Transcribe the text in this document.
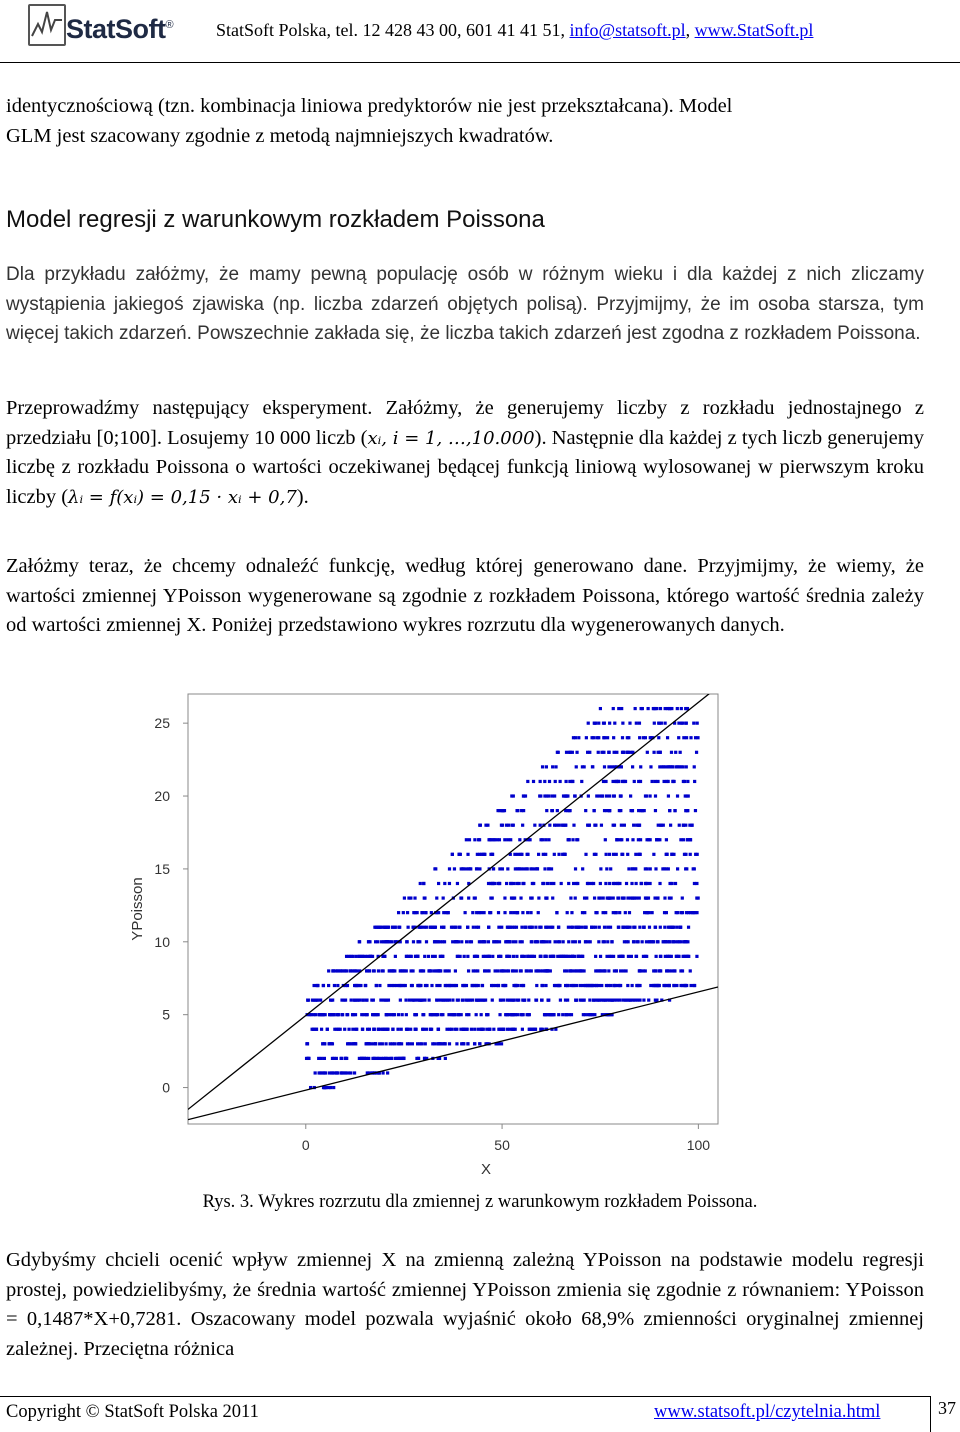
StatSoft® StatSoft Polska, tel. 12 428 43 00, 601 41 41 51, info@statsoft.pl, www.StatSoft.pl
identycznościową (tzn. kombinacja liniowa predyktorów nie jest przekształcana). Model
GLM jest szacowany zgodnie z metodą najmniejszych kwadratów.
Model regresji z warunkowym rozkładem Poissona
Dla przykładu załóżmy, że mamy pewną populację osób w różnym wieku i dla każdej z nich zliczamy wystąpienia jakiegoś zjawiska (np. liczba zdarzeń objętych polisą). Przyjmijmy, że im osoba starsza, tym więcej takich zdarzeń. Powszechnie zakłada się, że liczba takich zdarzeń jest zgodna z rozkładem Poissona.
Przeprowadźmy następujący eksperyment. Załóżmy, że generujemy liczby z rozkładu jednostajnego z przedziału [0;100]. Losujemy 10 000 liczb (xᵢ, i = 1, …,10.000). Następnie dla każdej z tych liczb generujemy liczbę z rozkładu Poissona o wartości oczekiwanej będącej funkcją liniową wylosowanej w pierwszym kroku liczby (λᵢ = f(xᵢ) = 0,15 · xᵢ + 0,7).
Załóżmy teraz, że chcemy odnaleźć funkcję, według której generowano dane. Przyjmijmy, że wiemy, że wartości zmiennej YPoisson wygenerowane są zgodnie z rozkładem Poissona, którego wartość średnia zależy od wartości zmiennej X. Poniżej przedstawiono wykres rozrzutu dla wygenerowanych danych.
0
5
10
15
20
25
0	50	100
X
YPoisson
Rys. 3. Wykres rozrzutu dla zmiennej z warunkowym rozkładem Poissona.
Gdybyśmy chcieli ocenić wpływ zmiennej X na zmienną zależną YPoisson na podstawie modelu regresji prostej, powiedzielibyśmy, że średnia wartość zmiennej YPoisson zmienia się zgodnie z równaniem: YPoisson = 0,1487*X+0,7281. Oszacowany model pozwala wyjaśnić około 68,9% zmienności oryginalnej zmiennej zależnej. Przeciętna różnica
Copyright © StatSoft Polska 2011	www.statsoft.pl/czytelnia.html	37
